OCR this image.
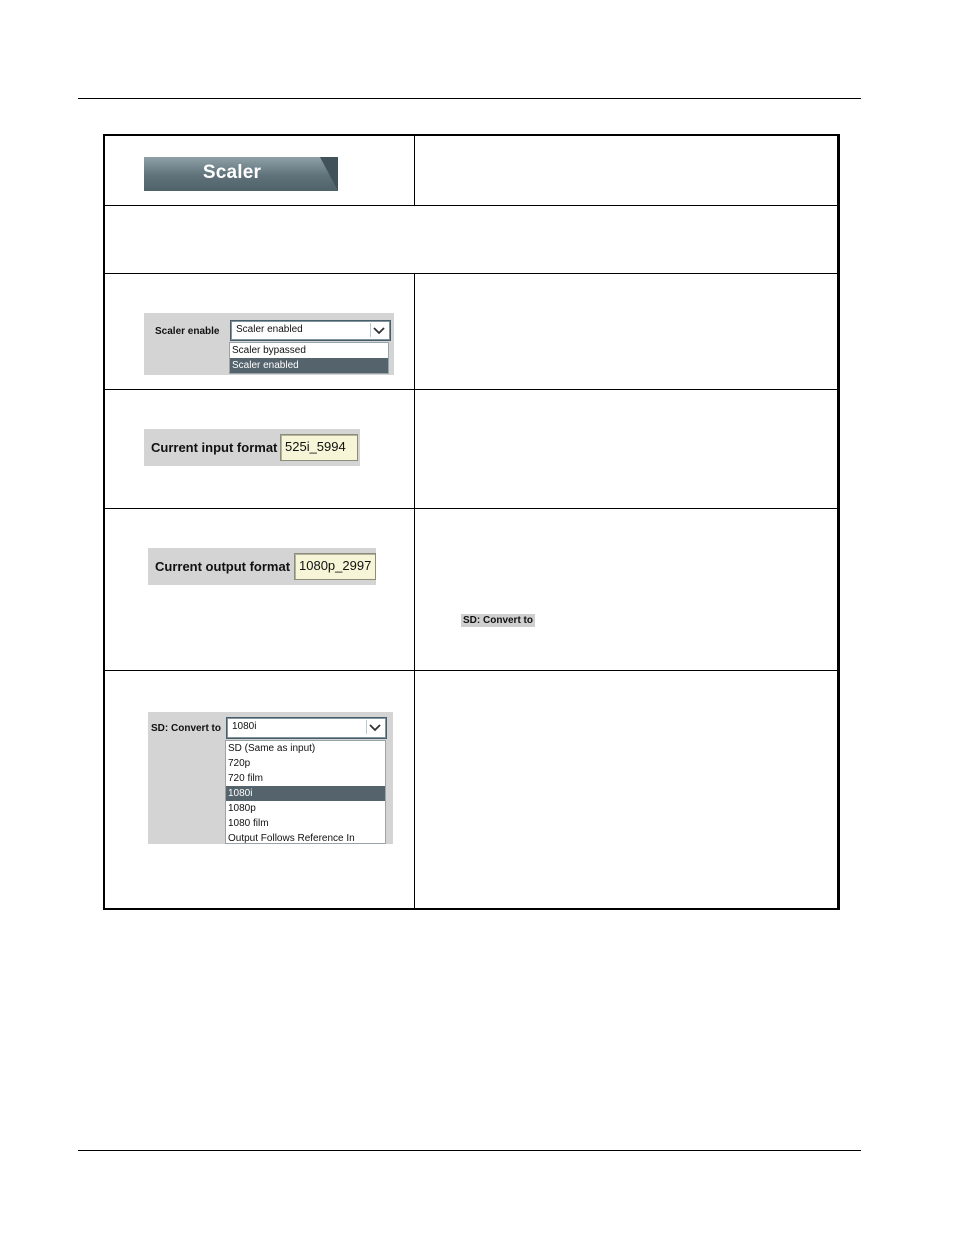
Scaler
Scaler enable Scaler enabled
Scaler bypassed
Scaler enabled
Current input format 525i_5994
Current output format 1080p_2997
SD: Convert to
SD: Convert to 1080i
SD (Same as input)
720p
720 film
1080i
1080p
1080 film
Output Follows Reference In
